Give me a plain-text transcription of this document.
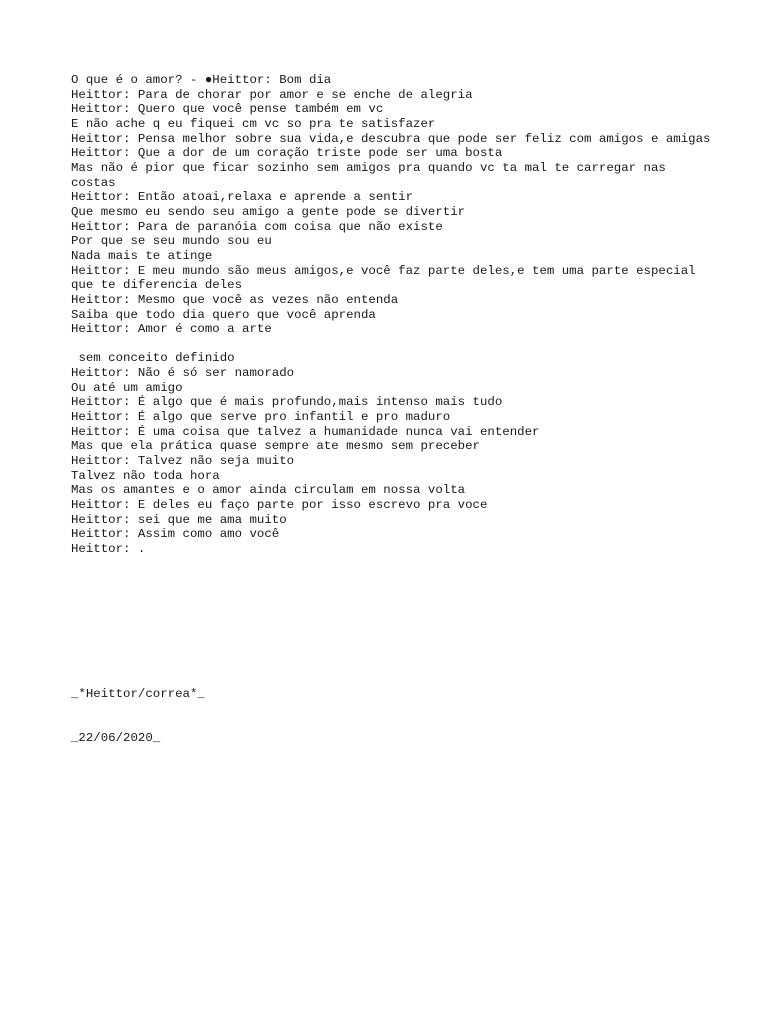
O que é o amor? - ●Heittor: Bom dia
Heittor: Para de chorar por amor e se enche de alegria
Heittor: Quero que você pense também em vc
E não ache q eu fiquei cm vc so pra te satisfazer
Heittor: Pensa melhor sobre sua vida,e descubra que pode ser feliz com amigos e amigas
Heittor: Que a dor de um coração triste pode ser uma bosta
Mas não é pior que ficar sozinho sem amigos pra quando vc ta mal te carregar nas costas
Heittor: Então atoai,relaxa e aprende a sentir
Que mesmo eu sendo seu amigo a gente pode se divertir
Heittor: Para de paranóia com coisa que não existe
Por que se seu mundo sou eu
Nada mais te atinge
Heittor: E meu mundo são meus amigos,e você faz parte deles,e tem uma parte especial que te diferencia deles
Heittor: Mesmo que você as vezes não entenda
Saiba que todo dia quero que você aprenda
Heittor: Amor é como a arte
sem conceito definido
Heittor: Não é só ser namorado
Ou até um amigo
Heittor: É algo que é mais profundo,mais intenso mais tudo
Heittor: É algo que serve pro infantil e pro maduro
Heittor: É uma coisa que talvez a humanidade nunca vai entender
Mas que ela prática quase sempre ate mesmo sem preceber
Heittor: Talvez não seja muito
Talvez não toda hora
Mas os amantes e o amor ainda circulam em nossa volta
Heittor: E deles eu faço parte por isso escrevo pra voce
Heittor: sei que me ama muito
Heittor: Assim como amo você
Heittor: .

_*Heittor/correa*_

_22/06/2020_
